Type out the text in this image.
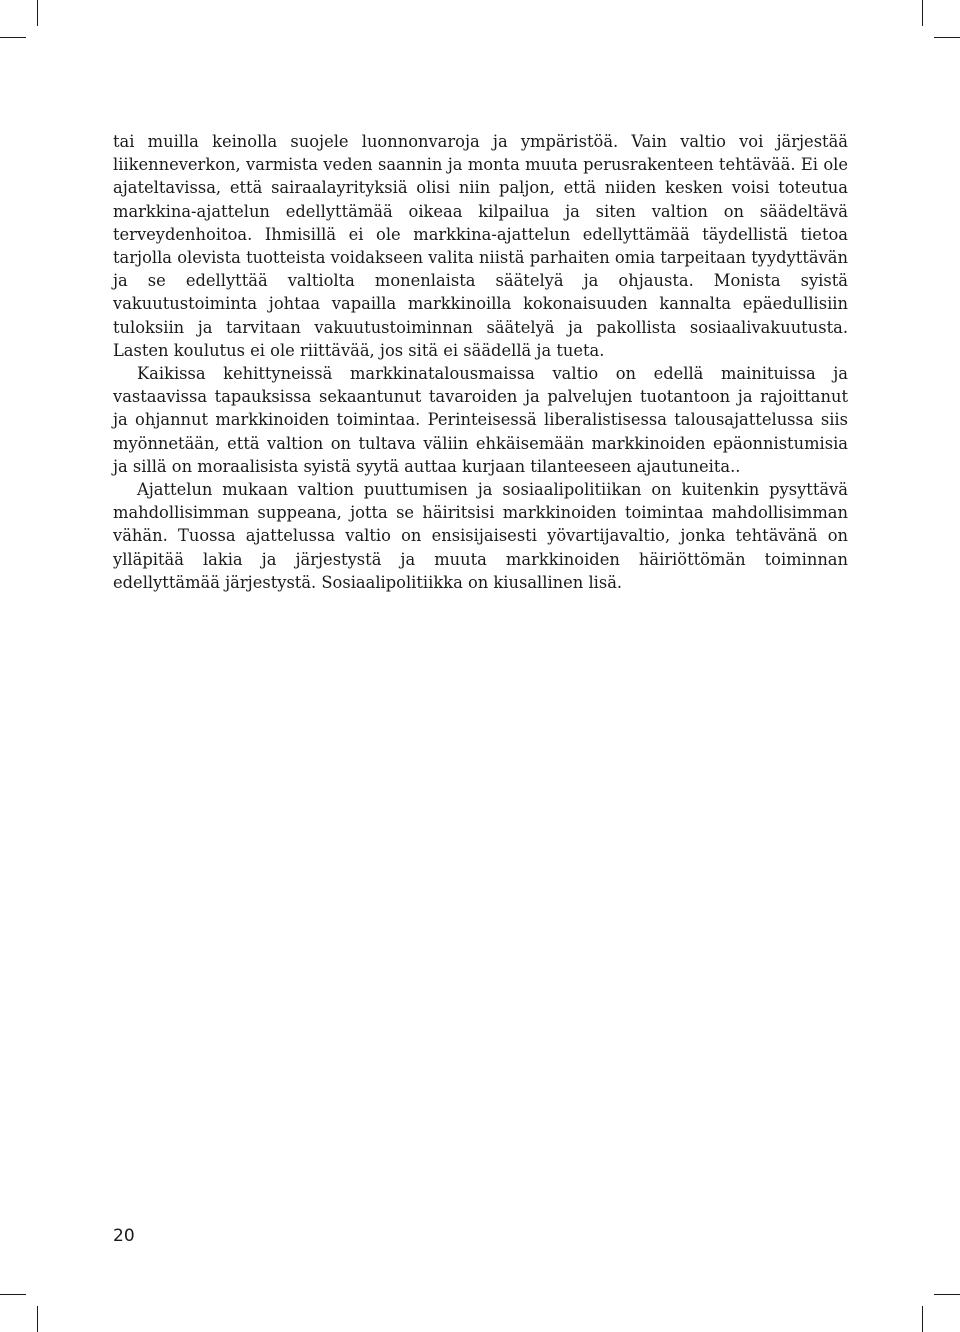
tai muilla keinolla suojele luonnonvaroja ja ympäristöä. Vain valtio voi järjestää liikenneverkon, varmista veden saannin ja monta muuta perusrakenteen tehtävää. Ei ole ajateltavissa, että sairaalayrityksiä olisi niin paljon, että niiden kesken voisi toteutua markkina-ajattelun edellyttämää oikeaa kilpailua ja siten valtion on säädeltävä terveydenhoitoa. Ihmisillä ei ole markkina-ajattelun edellyttämää täydellistä tietoa tarjolla olevista tuotteista voidakseen valita niistä parhaiten omia tarpeitaan tyydyttävän ja se edellyttää valtiolta monenlaista säätelyä ja ohjausta. Monista syistä vakuutustoiminta johtaa vapailla markkinoilla kokonaisuuden kannalta epäedullisiin tuloksiin ja tarvitaan vakuutustoiminnan säätelyä ja pakollista sosiaalivakuutusta. Lasten koulutus ei ole riittävää, jos sitä ei säädellä ja tueta.

Kaikissa kehittyneissä markkinatalousmaissa valtio on edellä mainituissa ja vastaavissa tapauksissa sekaantunut tavaroiden ja palvelujen tuotantoon ja rajoittanut ja ohjannut markkinoiden toimintaa. Perinteisessä liberalistisessa talousajattelussa siis myönnetään, että valtion on tultava väliin ehkäisemään markkinoiden epäonnistumisia ja sillä on moraalisista syistä syytä auttaa kurjaan tilanteeseen ajautuneita..

Ajattelun mukaan valtion puuttumisen ja sosiaalipolitiikan on kuitenkin pysyttävä mahdollisimman suppeana, jotta se häiritsisi markkinoiden toimintaa mahdollisimman vähän. Tuossa ajattelussa valtio on ensisijaisesti yövartijavaltio, jonka tehtävänä on ylläpitää lakia ja järjestystä ja muuta markkinoiden häiriöttömän toiminnan edellyttämää järjestystä. Sosiaalipolitiikka on kiusallinen lisä.

20
